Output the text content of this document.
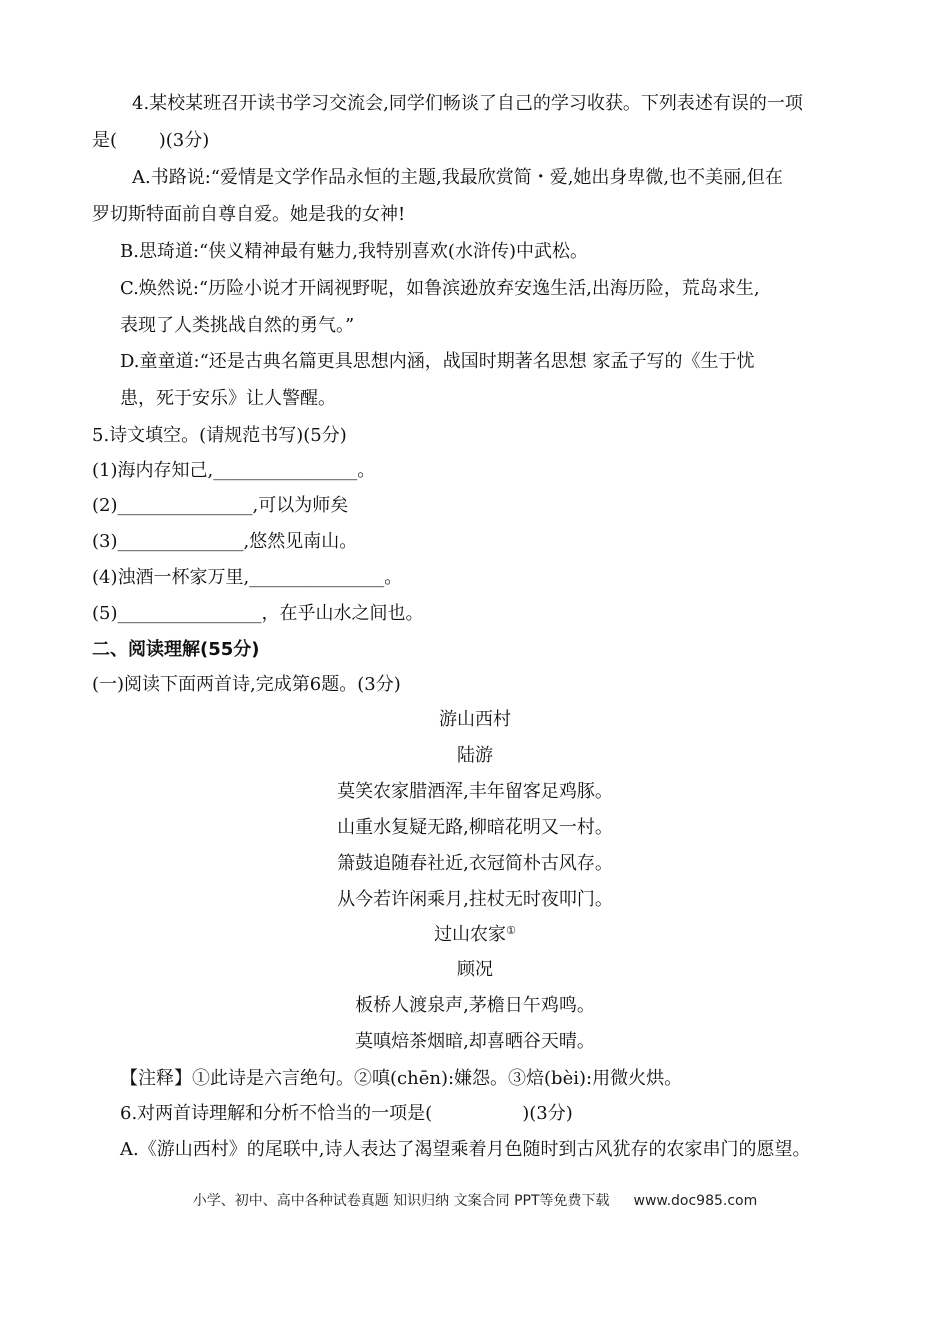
4.某校某班召开读书学习交流会,同学们畅谈了自己的学习收获。下列表述有误的一项
是(　　 )(3分)
A.书路说:“爱情是文学作品永恒的主题,我最欣赏简・爱,她出身卑微,也不美丽,但在
罗切斯特面前自尊自爱。她是我的女神!
B.思琦道:“侠义精神最有魅力,我特别喜欢(水浒传)中武松。
C.焕然说:“历险小说才开阔视野呢，如鲁滨逊放弃安逸生活,出海历险，荒岛求生,
表现了人类挑战自然的勇气。”
D.童童道:“还是古典名篇更具思想内涵，战国时期著名思想 家孟子写的《生于忧
患，死于安乐》让人警醒。
5.诗文填空。(请规范书写)(5分)
(1)海内存知己,________________。
(2)_______________,可以为师矣
(3)______________,悠然见南山。
(4)浊酒一杯家万里,_______________。
(5)________________，在乎山水之间也。
二、阅读理解(55分)
(一)阅读下面两首诗,完成第6题。(3分)
游山西村
陆游
莫笑农家腊酒浑,丰年留客足鸡豚。
山重水复疑无路,柳暗花明又一村。
箫鼓追随春社近,衣冠简朴古风存。
从今若许闲乘月,拄杖无时夜叩门。
过山农家①
顾况
板桥人渡泉声,茅檐日午鸡鸣。
莫嗔焙茶烟暗,却喜晒谷天晴。
【注释】①此诗是六言绝句。②嗔(chēn):嫌怨。③焙(bèi):用微火烘。
6.对两首诗理解和分析不恰当的一项是(　　　　　)(3分)
A.《游山西村》的尾联中,诗人表达了渴望乘着月色随时到古风犹存的农家串门的愿望。
小学、初中、高中各种试卷真题 知识归纳 文案合同 PPT等免费下载 www.doc985.com
